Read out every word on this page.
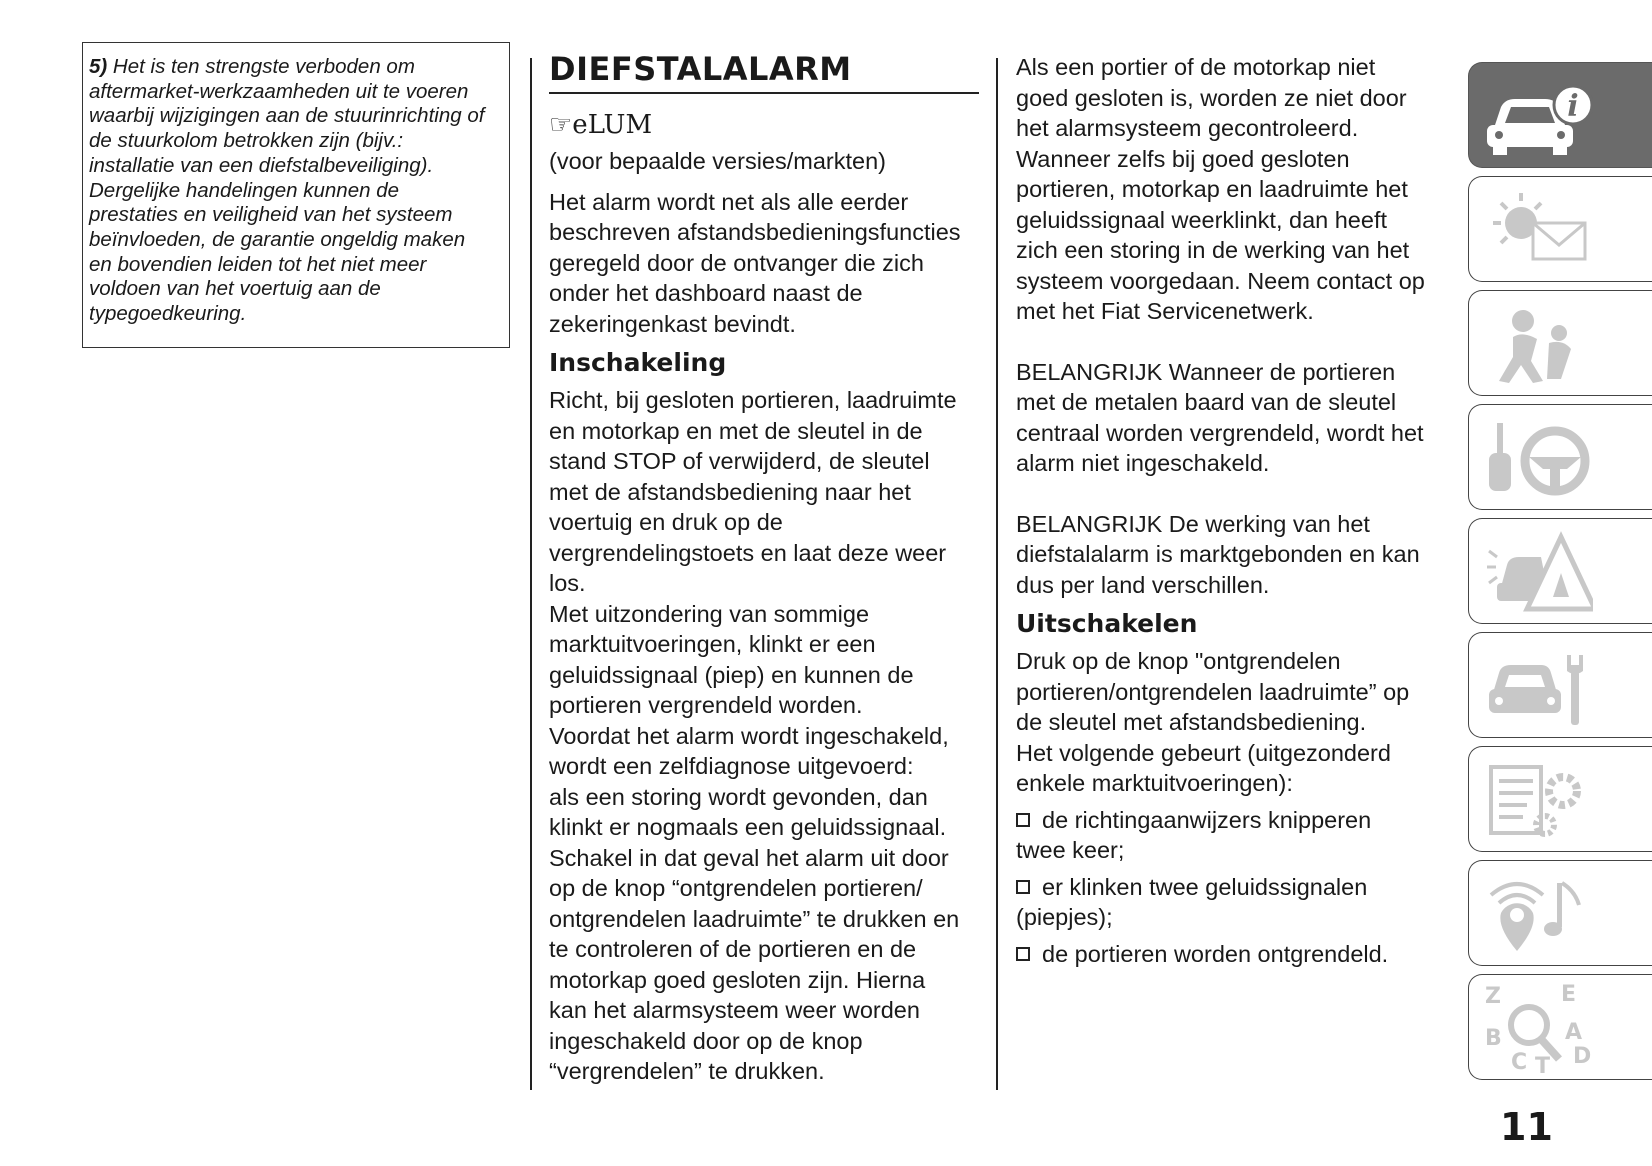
5) Het is ten strengste verboden om
aftermarket-werkzaamheden uit te voeren
waarbij wijzigingen aan de stuurinrichting of
de stuurkolom betrokken zijn (bijv.:
installatie van een diefstalbeveiliging).
Dergelijke handelingen kunnen de
prestaties en veiligheid van het systeem
beïnvloeden, de garantie ongeldig maken
en bovendien leiden tot het niet meer
voldoen van het voertuig aan de
typegoedkeuring.
DIEFSTALALARM
☞eLUM

(voor bepaalde versies/markten)

Het alarm wordt net als alle eerder
beschreven afstandsbedieningsfuncties
geregeld door de ontvanger die zich
onder het dashboard naast de
zekeringenkast bevindt.

Inschakeling

Richt, bij gesloten portieren, laadruimte
en motorkap en met de sleutel in de
stand STOP of verwijderd, de sleutel
met de afstandsbediening naar het
voertuig en druk op de
vergrendelingstoets en laat deze weer
los.
Met uitzondering van sommige
marktuitvoeringen, klinkt er een
geluidssignaal (piep) en kunnen de
portieren vergrendeld worden.
Voordat het alarm wordt ingeschakeld,
wordt een zelfdiagnose uitgevoerd:
als een storing wordt gevonden, dan
klinkt er nogmaals een geluidssignaal.
Schakel in dat geval het alarm uit door
op de knop “ontgrendelen portieren/
ontgrendelen laadruimte” te drukken en
te controleren of de portieren en de
motorkap goed gesloten zijn. Hierna
kan het alarmsysteem weer worden
ingeschakeld door op de knop
“vergrendelen” te drukken.

Als een portier of de motorkap niet
goed gesloten is, worden ze niet door
het alarmsysteem gecontroleerd.
Wanneer zelfs bij goed gesloten
portieren, motorkap en laadruimte het
geluidssignaal weerklinkt, dan heeft
zich een storing in de werking van het
systeem voorgedaan. Neem contact op
met het Fiat Servicenetwerk.

BELANGRIJK Wanneer de portieren
met de metalen baard van de sleutel
centraal worden vergrendeld, wordt het
alarm niet ingeschakeld.

BELANGRIJK De werking van het
diefstalalarm is marktgebonden en kan
dus per land verschillen.

Uitschakelen

Druk op de knop "ontgrendelen
portieren/ontgrendelen laadruimte” op
de sleutel met afstandsbediening.
Het volgende gebeurt (uitgezonderd
enkele marktuitvoeringen):

de richtingaanwijzers knipperen
twee keer;

er klinken twee geluidssignalen
(piepjes);

de portieren worden ontgrendeld.

i
Z	E
B	A
C T D
11
